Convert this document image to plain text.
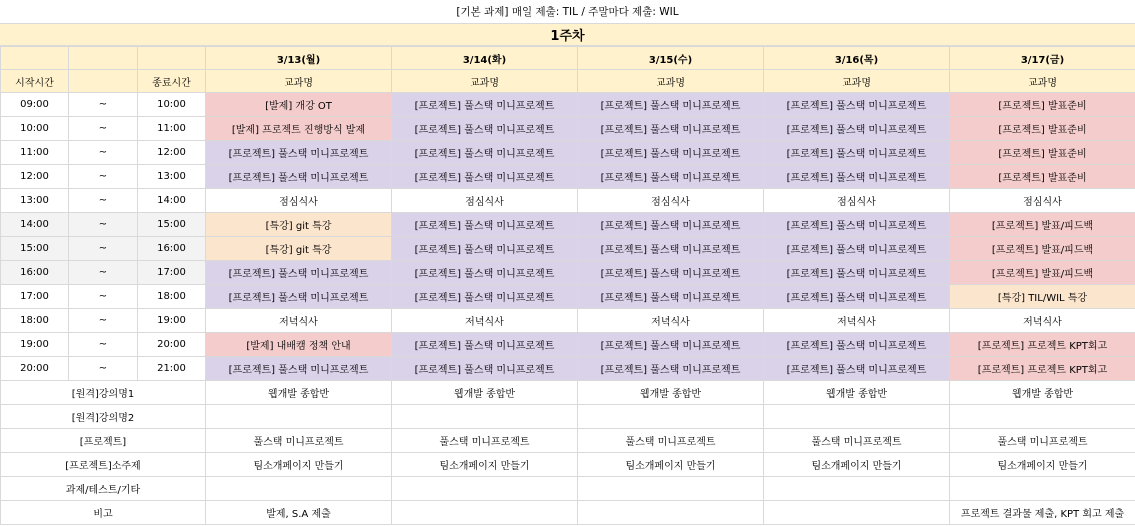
[기본 과제] 매일 제출: TIL / 주말마다 제출: WIL
1주차
			3/13(월)	3/14(화)	3/15(수)	3/16(목)	3/17(금)
시작시간		종료시간	교과명	교과명	교과명	교과명	교과명
09:00	~	10:00	[발제] 개강 OT	[프로젝트] 풀스택 미니프로젝트	[프로젝트] 풀스택 미니프로젝트	[프로젝트] 풀스택 미니프로젝트	[프로젝트] 발표준비
10:00	~	11:00	[발제] 프로젝트 진행방식 발제	[프로젝트] 풀스택 미니프로젝트	[프로젝트] 풀스택 미니프로젝트	[프로젝트] 풀스택 미니프로젝트	[프로젝트] 발표준비
11:00	~	12:00	[프로젝트] 풀스택 미니프로젝트	[프로젝트] 풀스택 미니프로젝트	[프로젝트] 풀스택 미니프로젝트	[프로젝트] 풀스택 미니프로젝트	[프로젝트] 발표준비
12:00	~	13:00	[프로젝트] 풀스택 미니프로젝트	[프로젝트] 풀스택 미니프로젝트	[프로젝트] 풀스택 미니프로젝트	[프로젝트] 풀스택 미니프로젝트	[프로젝트] 발표준비
13:00	~	14:00	점심식사	점심식사	점심식사	점심식사	점심식사
14:00	~	15:00	[특강] git 특강	[프로젝트] 풀스택 미니프로젝트	[프로젝트] 풀스택 미니프로젝트	[프로젝트] 풀스택 미니프로젝트	[프로젝트] 발표/피드백
15:00	~	16:00	[특강] git 특강	[프로젝트] 풀스택 미니프로젝트	[프로젝트] 풀스택 미니프로젝트	[프로젝트] 풀스택 미니프로젝트	[프로젝트] 발표/피드백
16:00	~	17:00	[프로젝트] 풀스택 미니프로젝트	[프로젝트] 풀스택 미니프로젝트	[프로젝트] 풀스택 미니프로젝트	[프로젝트] 풀스택 미니프로젝트	[프로젝트] 발표/피드백
17:00	~	18:00	[프로젝트] 풀스택 미니프로젝트	[프로젝트] 풀스택 미니프로젝트	[프로젝트] 풀스택 미니프로젝트	[프로젝트] 풀스택 미니프로젝트	[특강] TIL/WIL 특강
18:00	~	19:00	저녁식사	저녁식사	저녁식사	저녁식사	저녁식사
19:00	~	20:00	[발제] 내배캠 정책 안내	[프로젝트] 풀스택 미니프로젝트	[프로젝트] 풀스택 미니프로젝트	[프로젝트] 풀스택 미니프로젝트	[프로젝트] 프로젝트 KPT회고
20:00	~	21:00	[프로젝트] 풀스택 미니프로젝트	[프로젝트] 풀스택 미니프로젝트	[프로젝트] 풀스택 미니프로젝트	[프로젝트] 풀스택 미니프로젝트	[프로젝트] 프로젝트 KPT회고
[원격]강의명1			웹개발 종합반	웹개발 종합반	웹개발 종합반	웹개발 종합반	웹개발 종합반
[원격]강의명2							
[프로젝트]			풀스택 미니프로젝트	풀스택 미니프로젝트	풀스택 미니프로젝트	풀스택 미니프로젝트	풀스택 미니프로젝트
[프로젝트]소주제			팀소개페이지 만들기	팀소개페이지 만들기	팀소개페이지 만들기	팀소개페이지 만들기	팀소개페이지 만들기
과제/테스트/기타							
비고			발제, S.A 제출				프로젝트 결과물 제출, KPT 회고 제출
